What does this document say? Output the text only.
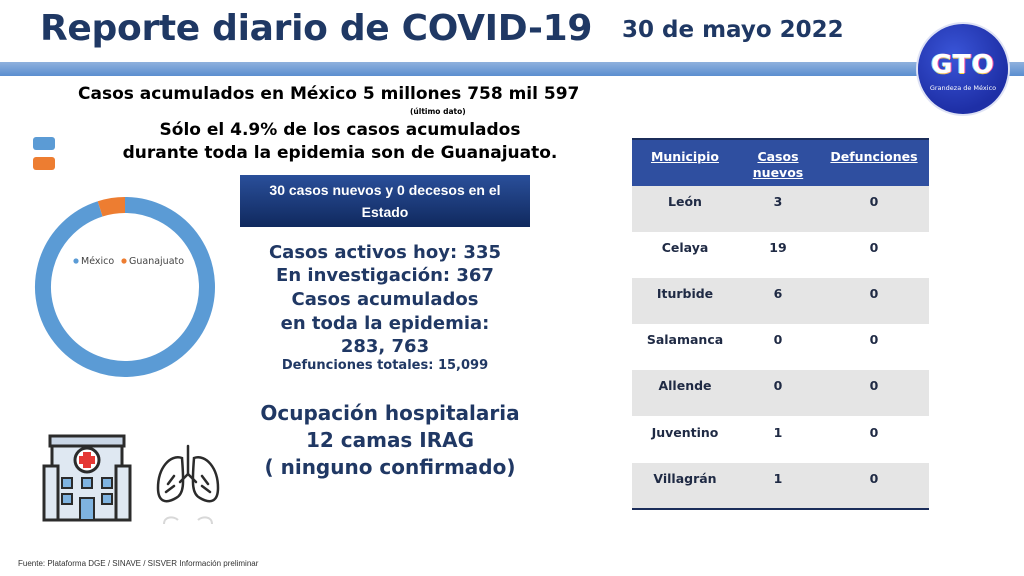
Reporte diario de COVID-19 30 de mayo 2022
GTO
Grandeza de México
Casos acumulados en México 5 millones 758 mil 597
(último dato)
Sólo el 4.9% de los casos acumulados
durante toda la epidemia son de Guanajuato.
México Guanajuato
30 casos nuevos y 0 decesos en el
Estado
Casos activos hoy: 335
En investigación: 367
Casos acumulados
en toda la epidemia:
283, 763
Defunciones totales: 15,099
Ocupación hospitalaria
12 camas IRAG
( ninguno confirmado)
Municipio	Casos
nuevos
Defunciones
León	3	0
Celaya	19	0
Iturbide	6	0
Salamanca	0	0
Allende	0	0
Juventino	1	0
Villagrán	1	0
Fuente: Plataforma DGE / SINAVE / SISVER Información preliminar
